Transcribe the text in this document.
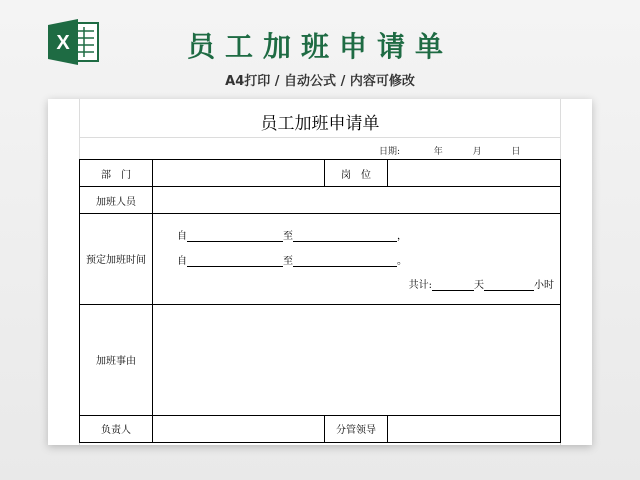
X	员工加班申请单
A4打印 / 自动公式 / 内容可修改
员工加班申请单
日期:	年	月	日
部　门		岗　位	
加班人员			
预定加班时间	自 至 ，
自 至 。
共计: 天 小时		

加班事由			
负责人		分管领导	
